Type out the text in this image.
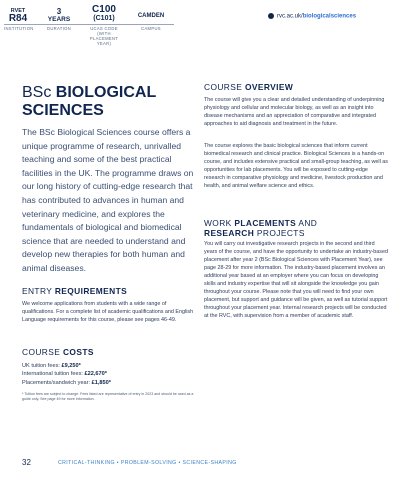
RVET
R84
3
YEARS
C100
(C101)	CAMDEN
INSTITUTION	DURATION	UCAS CODE
(WITH PLACEMENT YEAR)
CAMPUS
rvc.ac.uk/biologicalsciences
BSc BIOLOGICAL
SCIENCES
The BSc Biological Sciences course offers a unique programme of research, unrivalled teaching and some of the best practical facilities in the UK. The programme draws on our long history of cutting-edge research that has contributed to advances in human and veterinary medicine, and explores the fundamentals of biological and biomedical science that are needed to understand and develop new therapies for both human and animal diseases.
ENTRY REQUIREMENTS
We welcome applications from students with a wide range of qualifications. For a complete list of academic qualifications and English Language requirements for this course, please see pages 46-49.
COURSE COSTS
UK tuition fees: £9,250*
International tuition fees: £22,670*
Placements/sandwich year: £1,850*
* Tuition fees are subject to change. Fees listed are representative of entry in 2023 and should be used as a guide only. See page 49 for more information.
COURSE OVERVIEW
The course will give you a clear and detailed understanding of underpinning physiology and cellular and molecular biology, as well as an insight into disease mechanisms and an appreciation of comparative and integrated approaches to aid diagnosis and treatment in the future.
The course explores the basic biological sciences that inform current biomedical research and clinical practice. Biological Sciences is a hands-on course, and includes extensive practical and small-group teaching, as well as opportunities for lab placements. You will be exposed to cutting-edge research in comparative physiology and medicine, livestock production and health, and animal welfare science and ethics.
WORK PLACEMENTS AND
RESEARCH PROJECTS
You will carry out investigative research projects in the second and third years of the course, and have the opportunity to undertake an industry-based placement after year 2 (BSc Biological Sciences with Placement Year), see page 28-29 for more information. The industry-based placement involves an additional year based at an employer where you can focus on developing skills and industry expertise that will sit alongside the knowledge you gain throughout your course. Please note that you will need to find your own placement, but support and guidance will be given, as well as tutorial support throughout your placement year. Internal research projects will be conducted at the RVC, with supervision from a member of academic staff.
32	CRITICAL-THINKING • PROBLEM-SOLVING • SCIENCE-SHAPING
